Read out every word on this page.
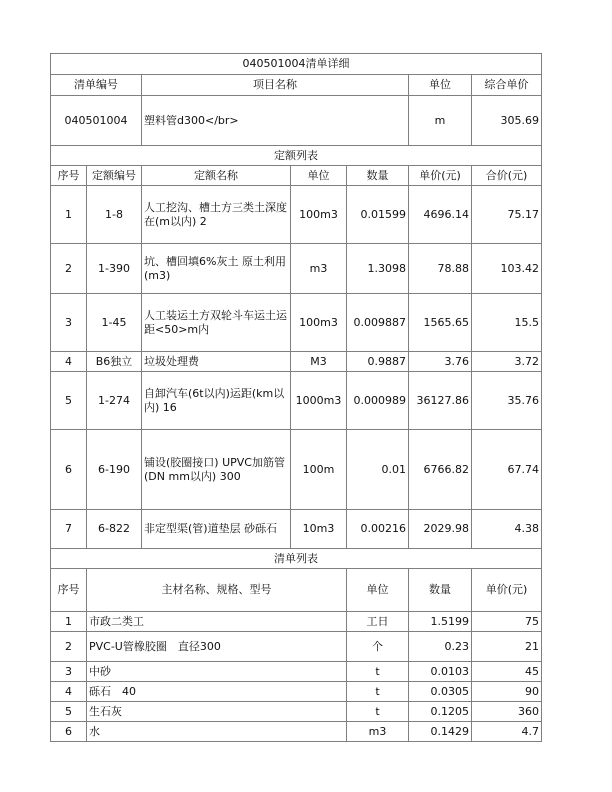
040501004清单详细							
清单编号		项目名称			单位	综合单价	
040501004		塑料管d300</br>			m	305.69	
定额列表							
序号	定额编号	定额名称	单位	数量	单价(元)	合价(元)	
1	1-8	人工挖沟、槽土方三类土深度在(m以内) 2	100m3	0.01599	4696.14	75.17	
2	1-390	坑、槽回填6%灰土 原土利用(m3)	m3	1.3098	78.88	103.42	
3	1-45	人工装运土方双轮斗车运土运距<50>m内	100m3	0.009887	1565.65	15.5	
4	B6独立	垃圾处理费	M3	0.9887	3.76	3.72	
5	1-274	自卸汽车(6t以内)运距(km以内) 16	1000m3	0.000989	36127.86	35.76	
6	6-190	铺设(胶圈接口) UPVC加筋管(DN mm以内) 300	100m	0.01	6766.82	67.74	
7	6-822	非定型渠(管)道垫层 砂砾石	10m3	0.00216	2029.98	4.38	
清单列表							
序号	主材名称、规格、型号			单位	数量	单价(元)	
1	市政二类工			工日	1.5199	75	
2	PVC-U管橡胶圈　直径300			个	0.23	21	
3	中砂			t	0.0103	45	
4	砾石　40			t	0.0305	90	
5	生石灰			t	0.1205	360	
6	水			m3	0.1429	4.7	
